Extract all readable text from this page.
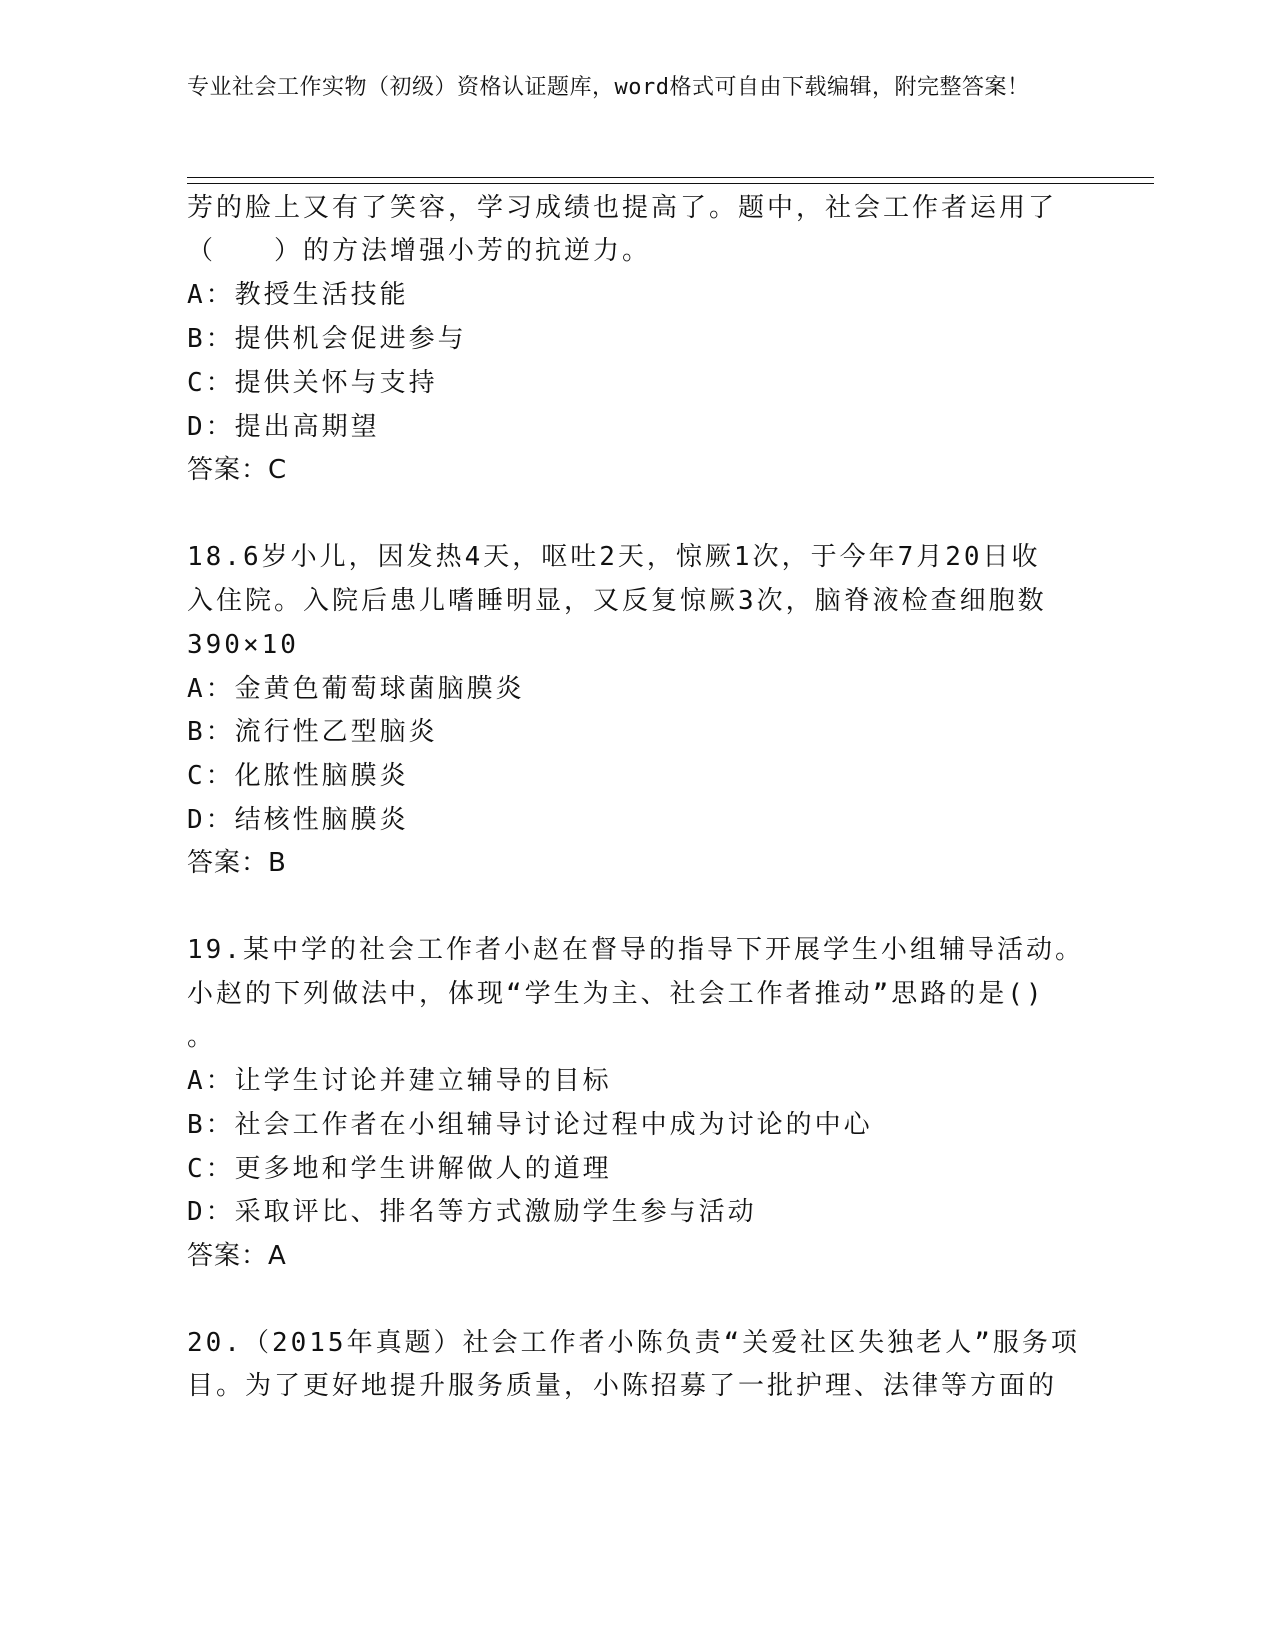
专业社会工作实物（初级）资格认证题库，word格式可自由下载编辑，附完整答案！
芳的脸上又有了笑容，学习成绩也提高了。题中，社会工作者运用了
（　　）的方法增强小芳的抗逆力。
A：教授生活技能
B：提供机会促进参与
C：提供关怀与支持
D：提出高期望
答案：C
18.6岁小儿，因发热4天，呕吐2天，惊厥1次，于今年7月20日收
入住院。入院后患儿嗜睡明显，又反复惊厥3次，脑脊液检查细胞数
390×10
A：金黄色葡萄球菌脑膜炎
B：流行性乙型脑炎
C：化脓性脑膜炎
D：结核性脑膜炎
答案：B
19.某中学的社会工作者小赵在督导的指导下开展学生小组辅导活动。
小赵的下列做法中，体现“学生为主、社会工作者推动”思路的是()
。
A：让学生讨论并建立辅导的目标
B：社会工作者在小组辅导讨论过程中成为讨论的中心
C：更多地和学生讲解做人的道理
D：采取评比、排名等方式激励学生参与活动
答案：A
20.（2015年真题）社会工作者小陈负责“关爱社区失独老人”服务项
目。为了更好地提升服务质量，小陈招募了一批护理、法律等方面的
